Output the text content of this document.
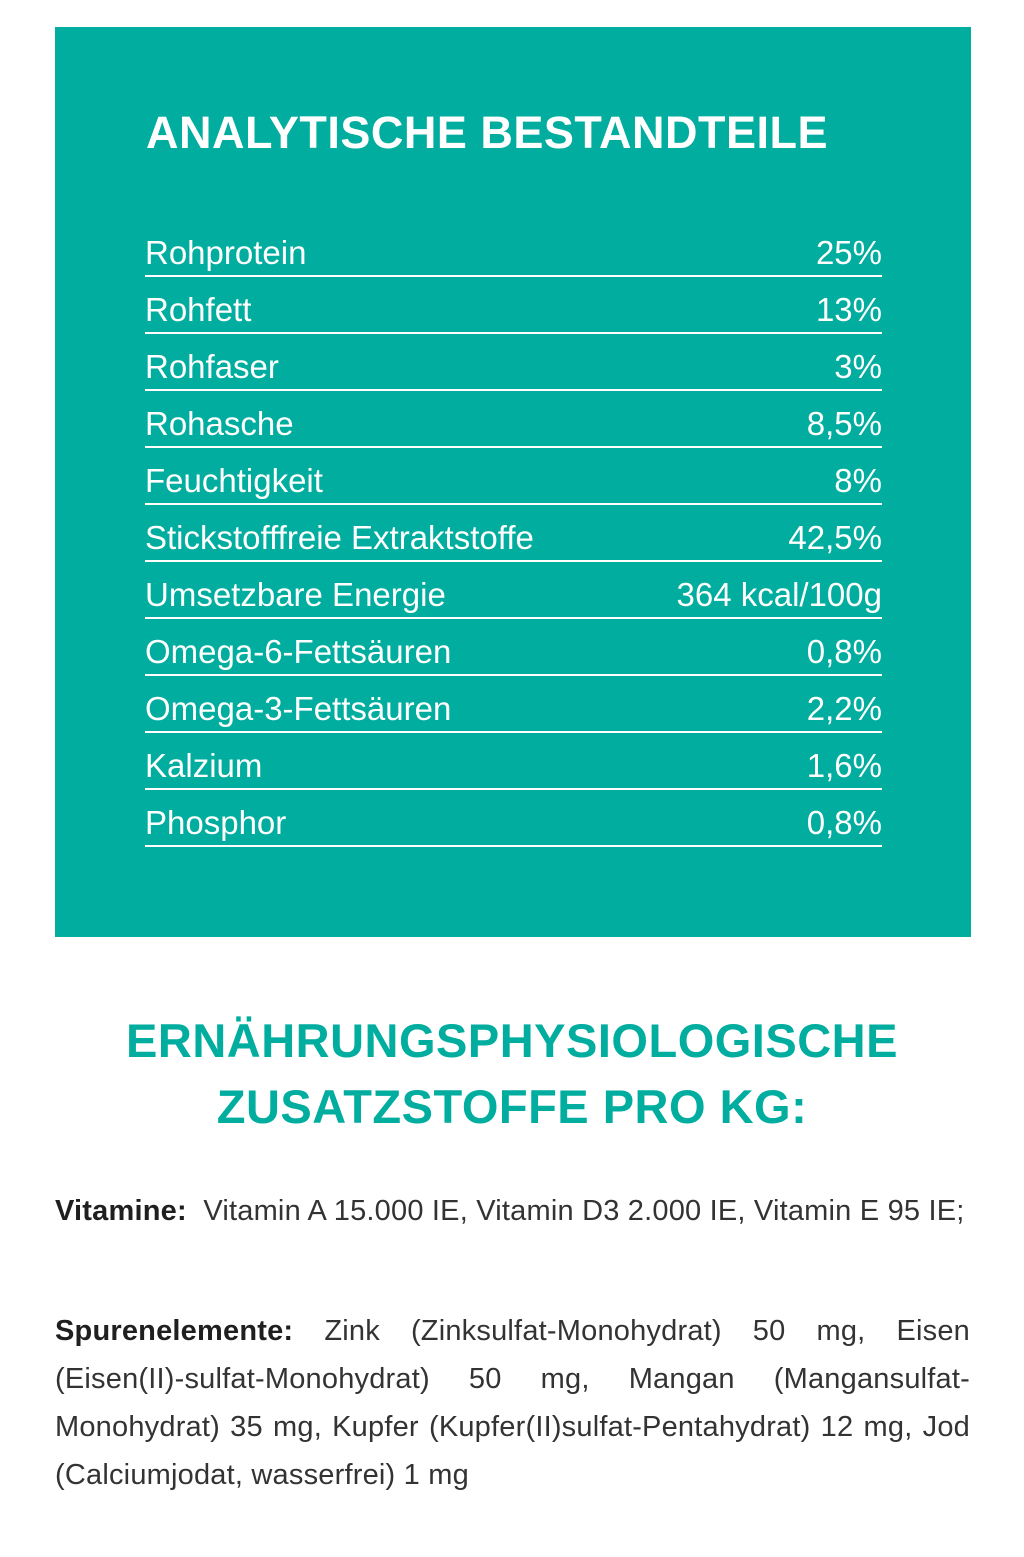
ANALYTISCHE BESTANDTEILE
Rohprotein	25%
Rohfett	13%
Rohfaser	3%
Rohasche	8,5%
Feuchtigkeit	8%
Stickstofffreie Extraktstoffe	42,5%
Umsetzbare Energie	364 kcal/100g
Omega-6-Fettsäuren	0,8%
Omega-3-Fettsäuren	2,2%
Kalzium	1,6%
Phosphor	0,8%
ERNÄHRUNGSPHYSIOLOGISCHE
ZUSATZSTOFFE PRO KG:

Vitamine: Vitamin A 15.000 IE, Vitamin D3 2.000 IE, Vitamin E 95 IE;

Spurenelemente: Zink (Zinksulfat-Monohydrat) 50 mg, Eisen (Eisen(II)-sulfat-Monohydrat) 50 mg, Mangan (Mangansulfat-Monohydrat) 35 mg, Kupfer (Kupfer(II)sulfat-Pentahydrat) 12 mg, Jod (Calciumjodat, wasserfrei) 1 mg
